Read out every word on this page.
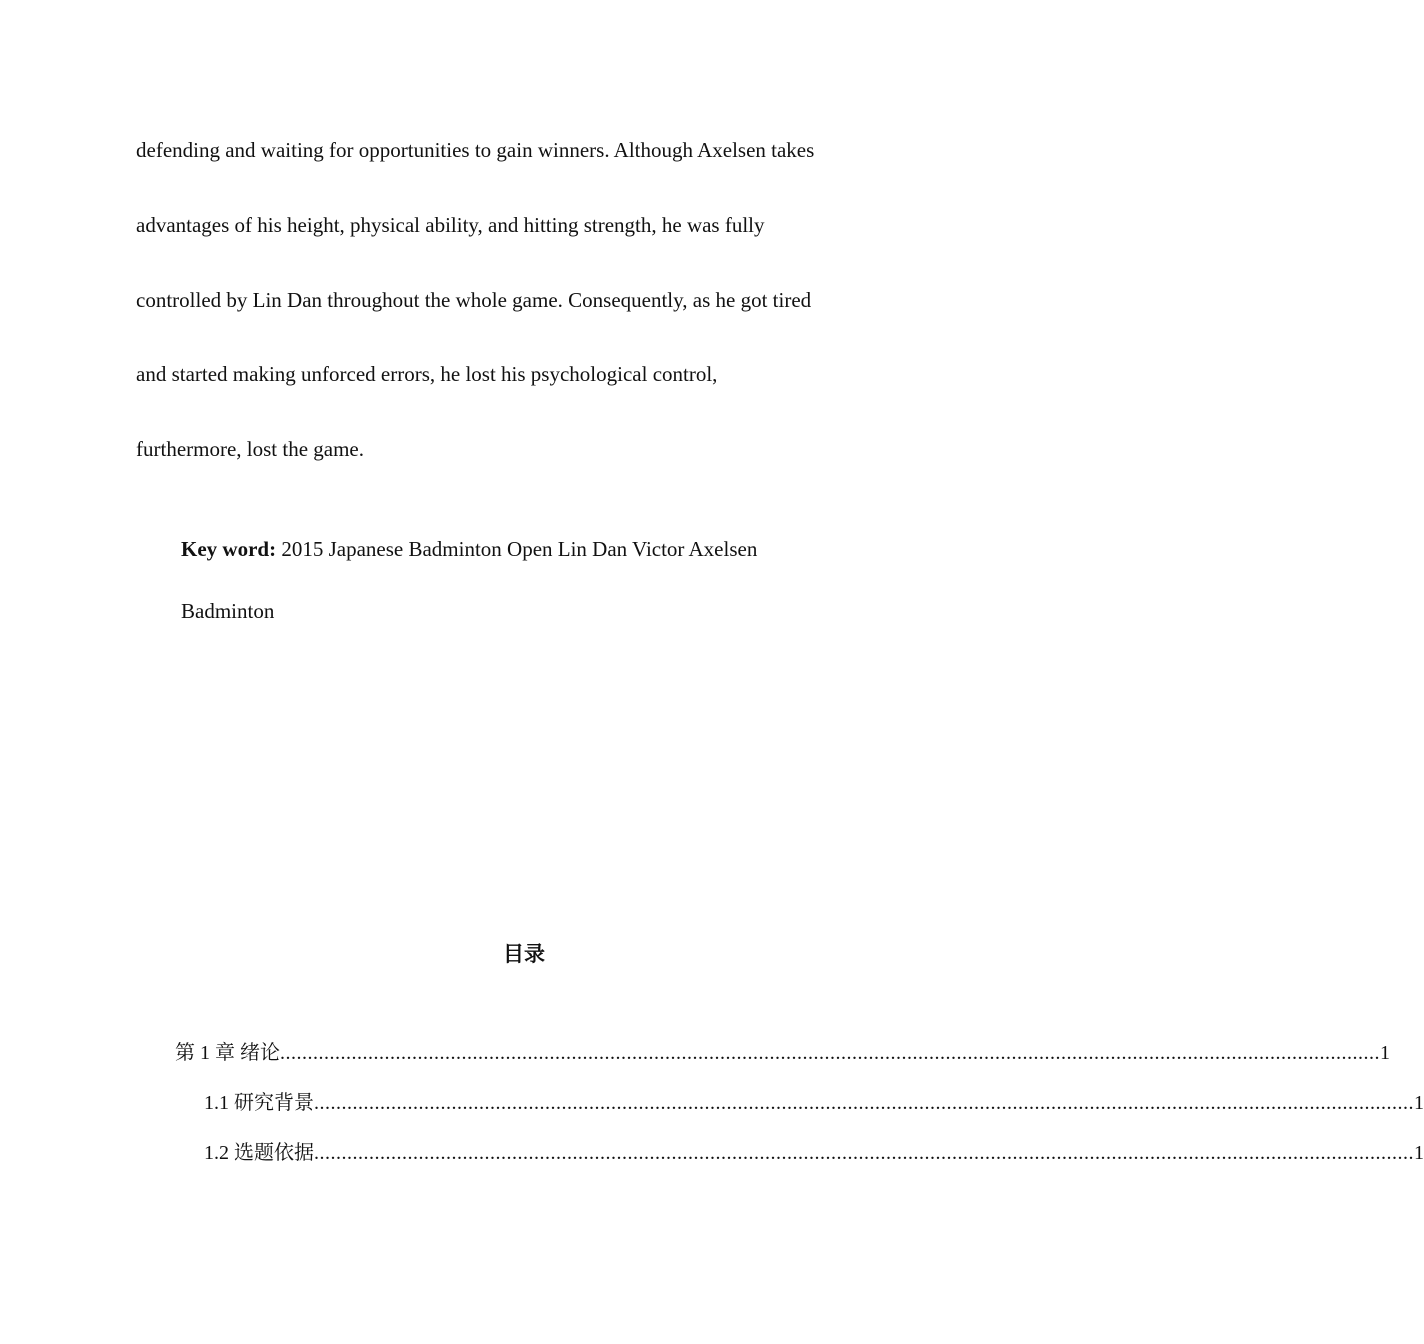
defending and waiting for opportunities to gain winners. Although Axelsen takes
advantages of his height, physical ability, and hitting strength, he was fully
controlled by Lin Dan throughout the whole game. Consequently, as he got tired
and started making unforced errors, he lost his psychological control,
furthermore, lost the game.
Key word: 2015 Japanese Badminton Open Lin Dan Victor Axelsen
Badminton
目录
第 1 章 绪论 ........................................................................................................................................................................................................ 1
1.1 研究背景 ........................................................................................................................................................................................................ 1
1.2 选题依据 ........................................................................................................................................................................................................ 1
